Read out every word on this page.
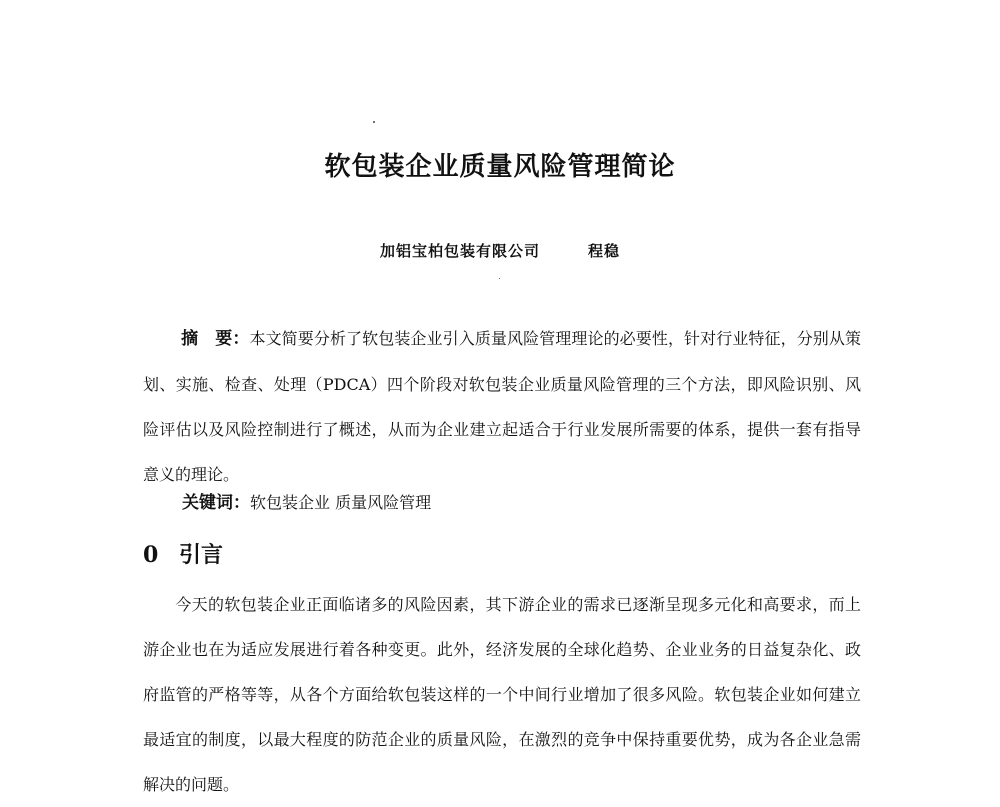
软包装企业质量风险管理简论
加铝宝柏包装有限公司	程稳

摘　要：本文简要分析了软包装企业引入质量风险管理理论的必要性，针对行业特征，分别从策划、实施、检查、处理（PDCA）四个阶段对软包装企业质量风险管理的三个方法，即风险识别、风险评估以及风险控制进行了概述，从而为企业建立起适合于行业发展所需要的体系，提供一套有指导意义的理论。

关键词：软包装企业 质量风险管理

0 引言

今天的软包装企业正面临诸多的风险因素，其下游企业的需求已逐渐呈现多元化和高要求，而上游企业也在为适应发展进行着各种变更。此外，经济发展的全球化趋势、企业业务的日益复杂化、政府监管的严格等等，从各个方面给软包装这样的一个中间行业增加了很多风险。软包装企业如何建立最适宜的制度，以最大程度的防范企业的质量风险，在激烈的竞争中保持重要优势，成为各企业急需解决的问题。
